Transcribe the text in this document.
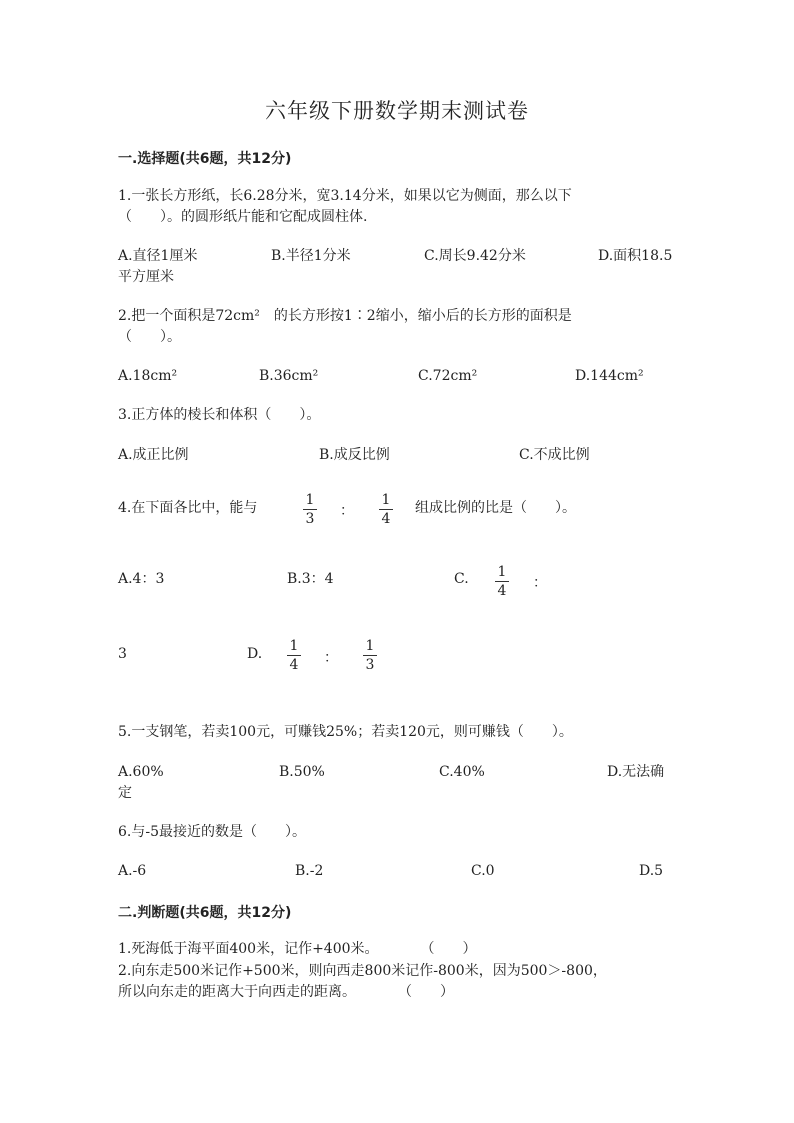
六年级下册数学期末测试卷
一.选择题(共6题，共12分)
1.一张长方形纸，长6.28分米，宽3.14分米，如果以它为侧面，那么以下
（　　）。的圆形纸片能和它配成圆柱体.
A.直径1厘米	B.半径1分米	C.周长9.42分米	D.面积18.5
平方厘米
2.把一个面积是72cm²　的长方形按1∶2缩小，缩小后的长方形的面积是
（　　）。
A.18cm²	B.36cm²	C.72cm²	D.144cm²
3.正方体的棱长和体积（　　）。
A.成正比例	B.成反比例	C.不成比例
4.在下面各比中，能与	1
3 ：
1
4
组成比例的比是（　　）。
A.4：3	B.3：4	C. 1
4 ：
3	D. 1
4 ：
1
3
5.一支钢笔，若卖100元，可赚钱25%；若卖120元，则可赚钱（　　）。
A.60%	B.50%	C.40%	D.无法确
定
6.与-5最接近的数是（　　）。
A.-6	B.-2	C.0	D.5
二.判断题(共6题，共12分)
1.死海低于海平面400米，记作+400米。　　　　（　　）
2.向东走500米记作+500米，则向西走800米记作-800米，因为500＞-800，
所以向东走的距离大于向西走的距离。　　　　（　　）
